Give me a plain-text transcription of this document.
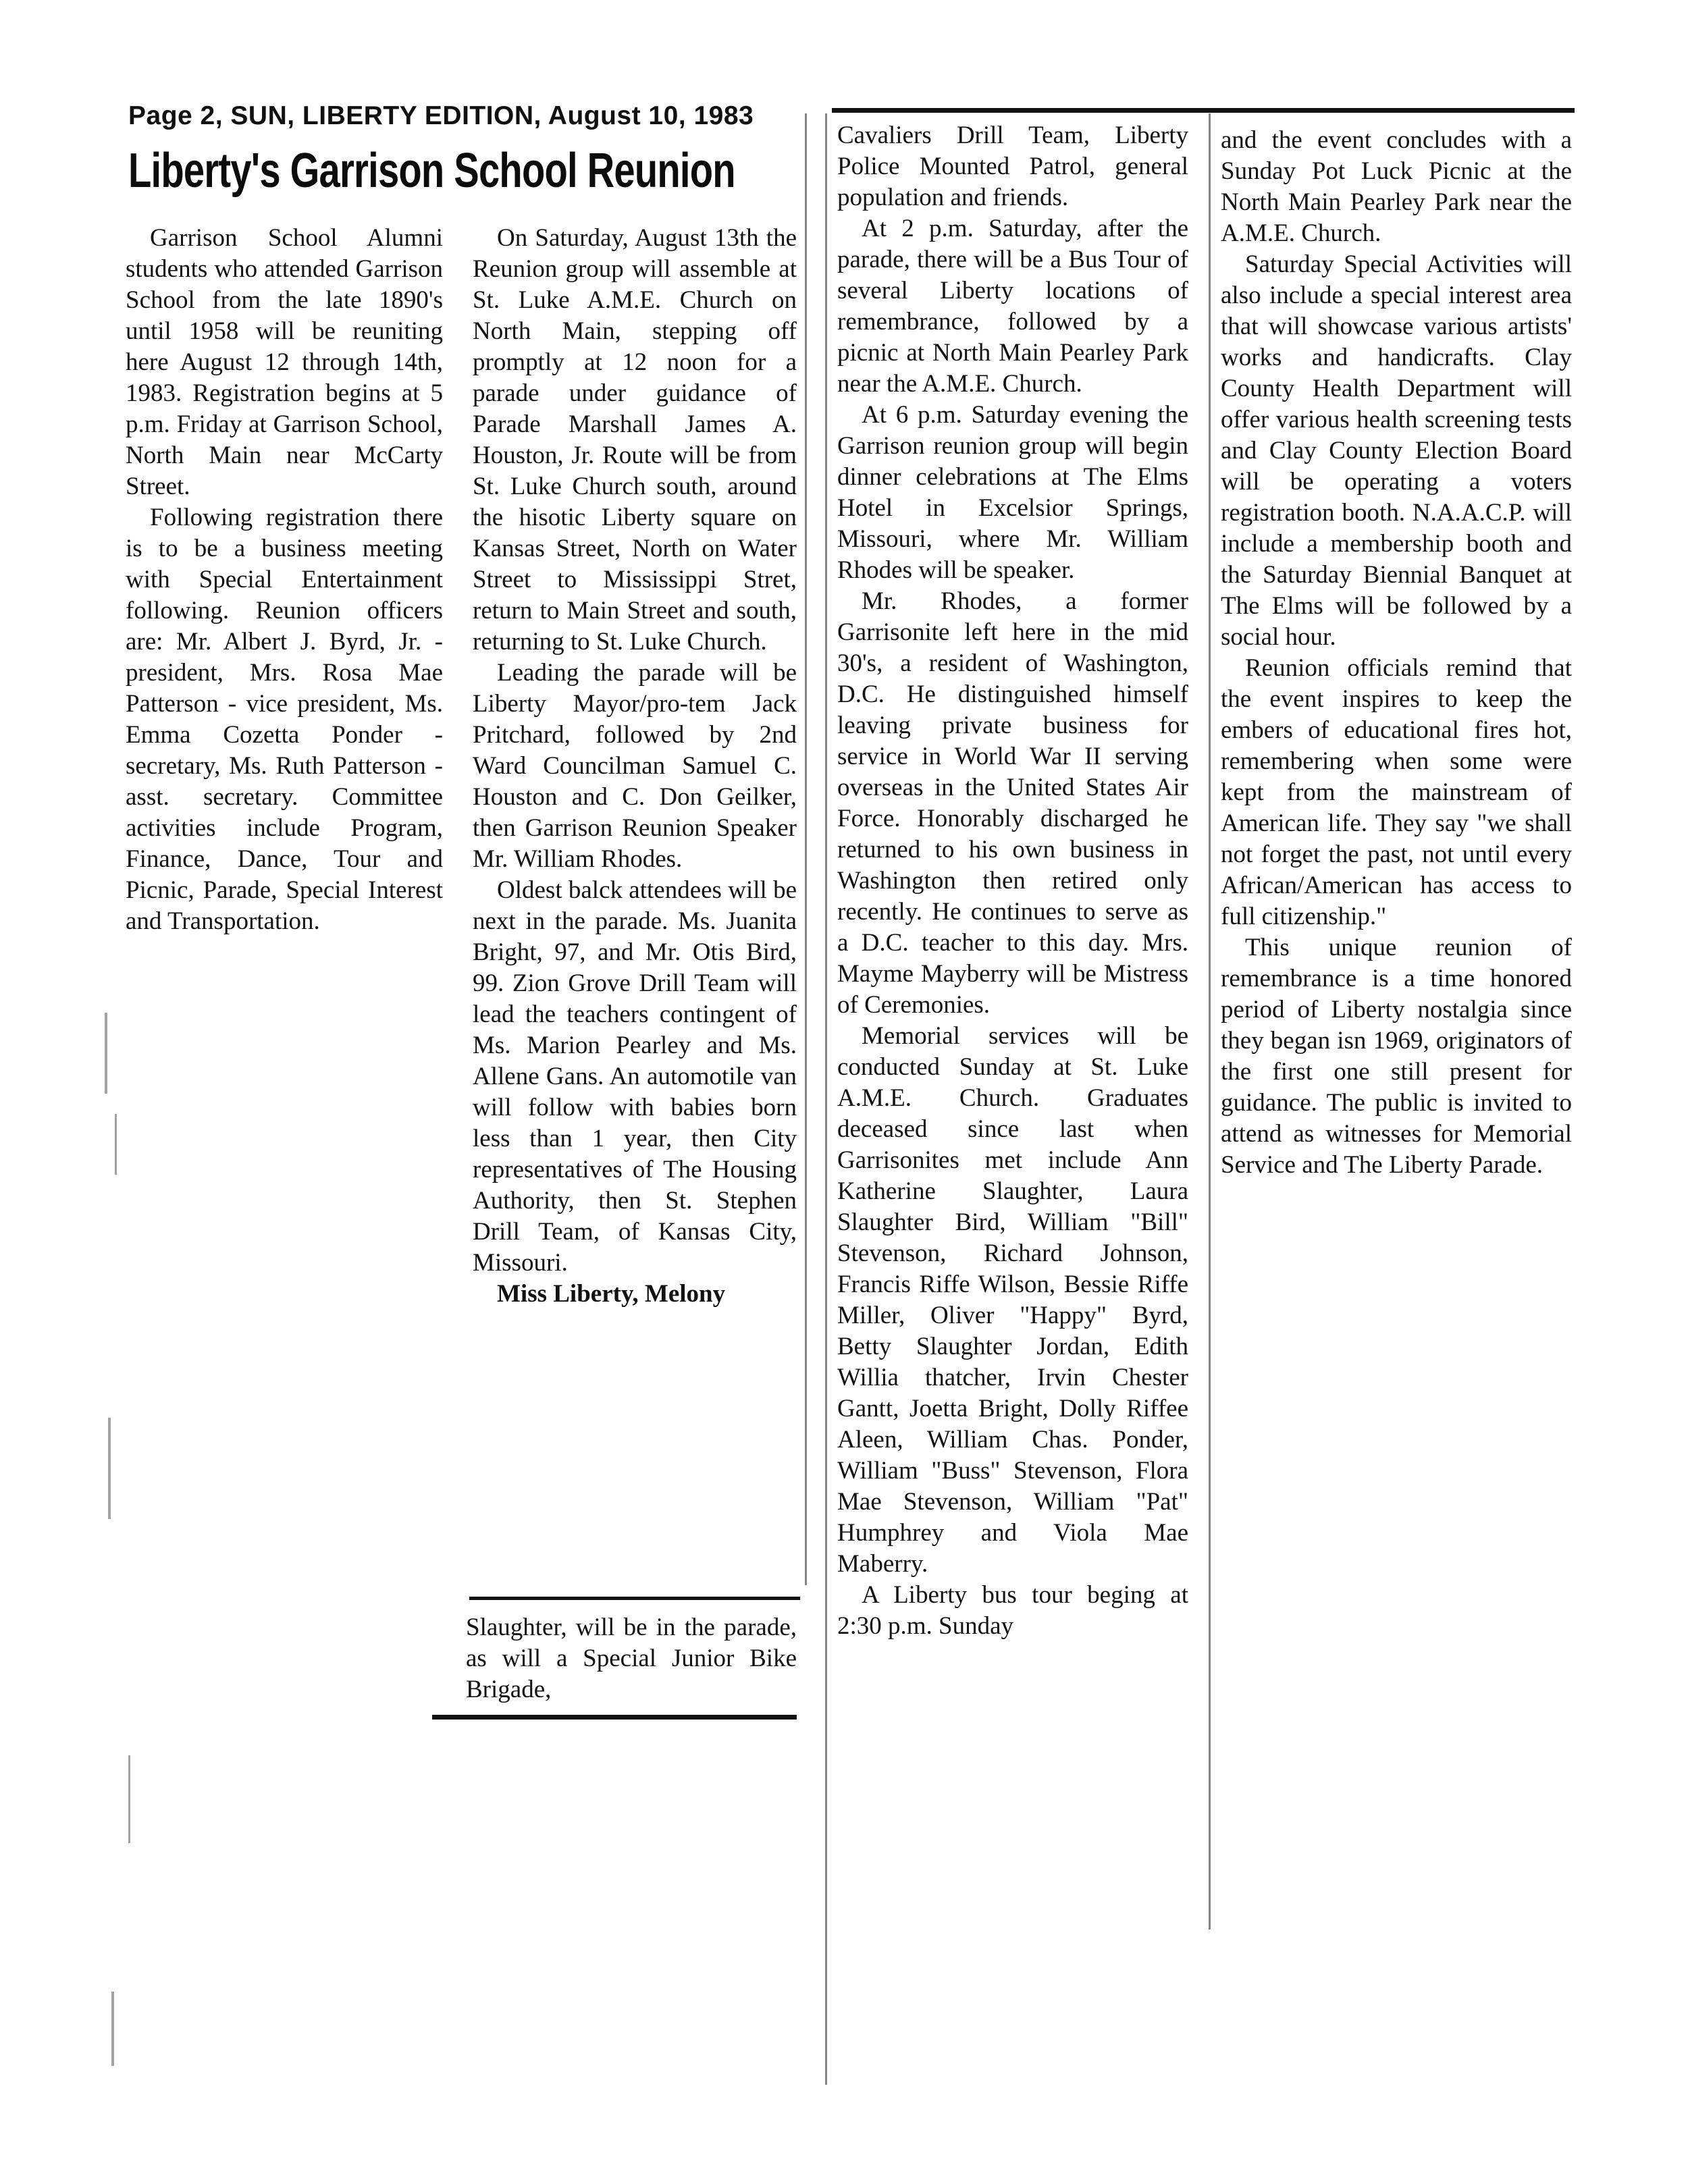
Page 2, SUN, LIBERTY EDITION, August 10, 1983
Liberty's Garrison School Reunion

Garrison School Alumni students who attended Garrison School from the late 1890's until 1958 will be reuniting here August 12 through 14th, 1983. Registration begins at 5 p.m. Friday at Garrison School, North Main near McCarty Street.

Following registration there is to be a business meeting with Special Entertainment following. Reunion officers are: Mr. Albert J. Byrd, Jr. - president, Mrs. Rosa Mae Patterson - vice president, Ms. Emma Cozetta Ponder - secretary, Ms. Ruth Patterson - asst. secretary. Committee activities include Program, Finance, Dance, Tour and Picnic, Parade, Special Interest and Transportation.

On Saturday, August 13th the Reunion group will assemble at St. Luke A.M.E. Church on North Main, stepping off promptly at 12 noon for a parade under guidance of Parade Marshall James A. Houston, Jr. Route will be from St. Luke Church south, around the hisotic Liberty square on Kansas Street, North on Water Street to Mississippi Stret, return to Main Street and south, returning to St. Luke Church.

Leading the parade will be Liberty Mayor/pro-tem Jack Pritchard, followed by 2nd Ward Councilman Samuel C. Houston and C. Don Geilker, then Garrison Reunion Speaker Mr. William Rhodes.

Oldest balck attendees will be next in the parade. Ms. Juanita Bright, 97, and Mr. Otis Bird, 99. Zion Grove Drill Team will lead the teachers contingent of Ms. Marion Pearley and Ms. Allene Gans. An automotile van will follow with babies born less than 1 year, then City representatives of The Housing Authority, then St. Stephen Drill Team, of Kansas City, Missouri.

Miss Liberty, Melony

Slaughter, will be in the parade, as will a Special Junior Bike Brigade,

Cavaliers Drill Team, Liberty Police Mounted Patrol, general population and friends.

At 2 p.m. Saturday, after the parade, there will be a Bus Tour of several Liberty locations of remembrance, followed by a picnic at North Main Pearley Park near the A.M.E. Church.

At 6 p.m. Saturday evening the Garrison reunion group will begin dinner celebrations at The Elms Hotel in Excelsior Springs, Missouri, where Mr. William Rhodes will be speaker.

Mr. Rhodes, a former Garrisonite left here in the mid 30's, a resident of Washington, D.C. He distinguished himself leaving private business for service in World War II serving overseas in the United States Air Force. Honorably discharged he returned to his own business in Washington then retired only recently. He continues to serve as a D.C. teacher to this day. Mrs. Mayme Mayberry will be Mistress of Ceremonies.

Memorial services will be conducted Sunday at St. Luke A.M.E. Church. Graduates deceased since last when Garrisonites met include Ann Katherine Slaughter, Laura Slaughter Bird, William "Bill" Stevenson, Richard Johnson, Francis Riffe Wilson, Bessie Riffe Miller, Oliver "Happy" Byrd, Betty Slaughter Jordan, Edith Willia thatcher, Irvin Chester Gantt, Joetta Bright, Dolly Riffee Aleen, William Chas. Ponder, William "Buss" Stevenson, Flora Mae Stevenson, William "Pat" Humphrey and Viola Mae Maberry.

A Liberty bus tour beging at 2:30 p.m. Sunday

and the event concludes with a Sunday Pot Luck Picnic at the North Main Pearley Park near the A.M.E. Church.

Saturday Special Activities will also include a special interest area that will showcase various artists' works and handicrafts. Clay County Health Department will offer various health screening tests and Clay County Election Board will be operating a voters registration booth. N.A.A.C.P. will include a membership booth and the Saturday Biennial Banquet at The Elms will be followed by a social hour.

Reunion officials remind that the event inspires to keep the embers of educational fires hot, remembering when some were kept from the mainstream of American life. They say "we shall not forget the past, not until every African/American has access to full citizenship."

This unique reunion of remembrance is a time honored period of Liberty nostalgia since they began isn 1969, originators of the first one still present for guidance. The public is invited to attend as witnesses for Memorial Service and The Liberty Parade.
